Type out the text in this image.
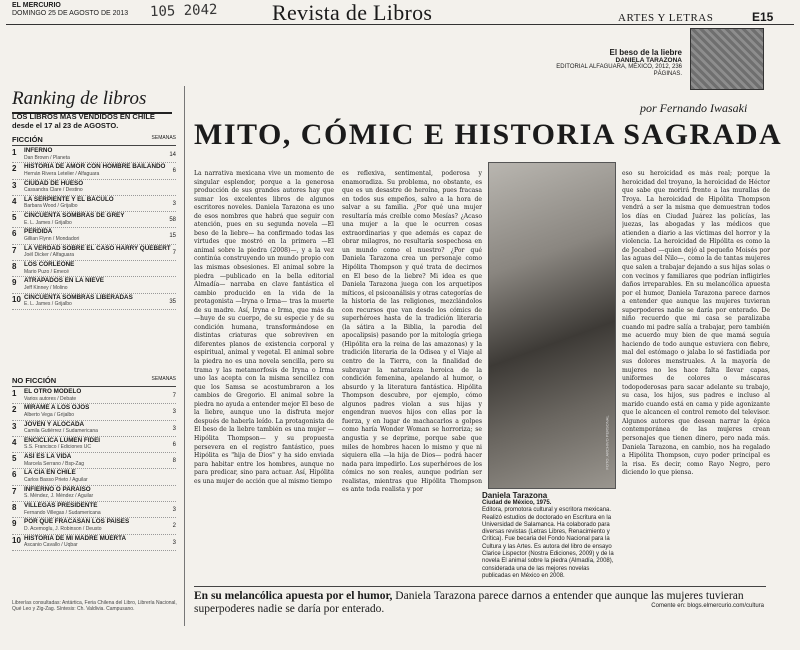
EL MERCURIO
DOMINGO 25 DE AGOSTO DE 2013 105 2042 Revista de Libros	ARTES Y LETRAS	E15
Ranking de libros
LOS LIBROS MÁS VENDIDOS EN CHILE desde el 17 al 23 de AGOSTO.
FICCIÓN	SEMANAS
1 INFERNO
Dan Brown / Planeta	14
2 HISTORIA DE AMOR CON HOMBRE BAILANDO
Hernán Rivera Letelier / Alfaguara	6
3 CIUDAD DE HUESO
Cassandra Clare / Destino
4 LA SERPIENTE Y EL BÁCULO
Barbara Wood / Grijalbo	3
5 CINCUENTA SOMBRAS DE GREY
E. L. James / Grijalbo	58
6 PERDIDA
Gillian Flynn / Mondadori	15
7 LA VERDAD SOBRE EL CASO HARRY QUEBERT
Joël Dicker / Alfaguara	7
8 LOS CORLEONE
Mario Puzo / Emecé
9 ATRAPADOS EN LA NIEVE
Jeff Kinney / Molino
10 CINCUENTA SOMBRAS LIBERADAS
E. L. James / Grijalbo	35
NO FICCIÓN	SEMANAS
1 EL OTRO MODELO
Varios autores / Debate	7
2 MÍRAME A LOS OJOS
Alberto Vega / Grijalbo	3
3 JOVEN Y ALOCADA
Camila Gutiérrez / Sudamericana	3
4 ENCÍCLICA LUMEN FIDEI
S.S. Francisco / Ediciones UC	6
5 ASÍ ES LA VIDA
Marcela Serrano / Bsp-Zag	8
6 LA CIA EN CHILE
Carlos Basso Prieto / Aguilar
7 INFIERNO O PARAÍSO
S. Méndez, J. Méndez / Aguilar
8 VILLEGAS PRESIDENTE
Fernando Villegas / Sudamericana	3
9 POR QUE FRACASAN LOS PAÍSES
D. Acemoglu, J. Robinson / Deusto	2
10 HISTORIA DE MI MADRE MUERTA
Ascanio Cavallo / Uqbar	3
Librerías consultadas: Antártica, Feria Chilena del Libro, Librería Nacional, Qué Leo y Zig-Zag. Síntesis: Ch. Valdivia. Campusano.
El beso de la liebre
DANIELA TARAZONA
EDITORIAL ALFAGUARA, MÉXICO, 2012, 236 PÁGINAS.
por Fernando Iwasaki
MITO, CÓMIC E HISTORIA SAGRADA
La narrativa mexicana vive un momento de singular esplendor, porque a la generosa producción de sus grandes autores hay que sumar los excelentes libros de algunos escritores noveles. Daniela Tarazona es uno de esos nombres que habrá que seguir con atención, pues en su segunda novela —El beso de la liebre— ha confirmado todas las virtudes que mostró en la primera —El animal sobre la piedra (2008)—, y a la vez continúa construyendo un mundo propio con las mismas obsesiones. El animal sobre la piedra —publicado en la bella editorial Almadía— narraba en clave fantástica el cambio producido en la vida de la protagonista —Iryna o Irma— tras la muerte de su madre. Así, Iryna e Irma, que más da —huye de su cuerpo, de su especie y de su condición humana, transformándose en distintas criaturas que sobreviven en diferentes planos de existencia corporal y espiritual, animal y vegetal. El animal sobre la piedra no es una novela sencilla, pero su trama y las metamorfosis de Iryna o Irma uno las acepta con la misma sencillez con que los Samsa se acostumbraron a los cambios de Gregorio. El animal sobre la piedra no ayuda a entender mejor El beso de la liebre, aunque uno la disfruta mejor después de haberla leído. La protagonista de El beso de la liebre también es una mujer —Hipólita Thompson— y su propuesta persevera en el registro fantástico, pues Hipólita es "hija de Dios" y ha sido enviada para habitar entre los hombres, aunque no para predicar, sino para actuar. Así, Hipólita es una mujer de acción que al mismo tiempo
es reflexiva, sentimental, poderosa y enamoradiza. Su problema, no obstante, es que es un desastre de heroína, pues fracasa en todos sus empeños, salvo a la hora de salvar a su familia. ¿Por qué una mujer resultaría más creíble como Mesías? ¿Acaso una mujer a la que le ocurren cosas extraordinarias y que además es capaz de obrar milagros, no resultaría sospechosa en un mundo como el nuestro? ¿Por qué Daniela Tarazona crea un personaje como Hipólita Thompson y qué trata de decirnos en El beso de la liebre? Mi idea es que Daniela Tarazona juega con los arquetipos míticos, el psicoanálisis y otras categorías de la historia de las religiones, mezclándolos con recursos que van desde los cómics de superhéroes hasta de la tradición literaria (la sátira a la Biblia, la parodia del apocalipsis) pasando por la mitología griega (Hipólita era la reina de las amazonas) y la tradición literaria de la Odisea y el Viaje al centro de la Tierra, con la finalidad de subrayar la naturaleza heroica de la condición femenina, apelando al humor, o absurdo y la literatura fantástica. Hipólita Thompson descubre, por ejemplo, cómo algunos padres violan a sus hijas y engendran nuevos hijos con ellas por la fuerza, y en lugar de machacarlos a golpes como haría Wonder Woman se horroriza; se angustia y se deprime, porque sabe que miles de hombres hacen lo mismo y que ni siquiera ella —la hija de Dios— podrá hacer nada para impedirlo. Los superhéroes de los cómics no son reales, aunque podrían ser realistas, mientras que Hipólita Thompson es ante toda realista y por
eso su heroicidad es más real; porque la heroicidad del troyano, la heroicidad de Héctor que sabe que morirá frente a las murallas de Troya. La heroicidad de Hipólita Thompson vendrá a ser la misma que demuestran todos los días en Ciudad Juárez las policías, las juezas, las abogadas y las médicos que atienden a diario a las víctimas del horror y la violencia. La heroicidad de Hipólita es como la de Jocabed —quien dejó al pequeño Moisés por las aguas del Nilo—, como la de tantas mujeres que salen a trabajar dejando a sus hijas solas o con vecinos y familiares que podrían infligirles daños irreparables. En su melancólica apuesta por el humor, Daniela Tarazona parece darnos a entender que aunque las mujeres tuvieran superpoderes nadie se daría por enterado. De niño recuerdo que mi casa se paralizaba cuando mi padre salía a trabajar, pero también me acuerdo muy bien de que mamá seguía haciendo de todo aunque estuviera con fiebre, mal del estómago o jalaba lo sé fastidiada por sus dolores menstruales. A la mayoría de mujeres no les hace falta llevar capas, uniformes de colores o máscaras todopoderosas para sacar adelante su trabajo, su casa, los hijos, sus padres e incluso al marido cuando está en cama y pide agonizante que le alcancen el control remoto del televisor. Algunos autores que desean narrar la épica contemporánea de las mujeres crean personajes que tienen dinero, pero nada más. Daniela Tarazona, en cambio, nos ha regalado a Hipólita Thompson, cuyo poder principal es la risa. Es decir, como Rayo Negro, pero diciendo lo que piensa.
FOTO: ARCHIVO PERSONAL
Daniela Tarazona
Ciudad de México, 1975.
Editora, promotora cultural y escritora mexicana. Realizó estudios de doctorado en Escritura en la Universidad de Salamanca. Ha colaborado para diversas revistas (Letras Libres, Renacimiento y Crítica). Fue becaria del Fondo Nacional para la Cultura y las Artes. Es autora del libro de ensayo Clarice Lispector (Nostra Ediciones, 2009) y de la novela El animal sobre la piedra (Almadía, 2008), considerada una de las mejores novelas publicadas en México en 2008.
En su melancólica apuesta por el humor, Daniela Tarazona parece darnos a entender que aunque las mujeres tuvieran superpoderes nadie se daría por enterado.	Comente en: blogs.elmercurio.com/cultura
